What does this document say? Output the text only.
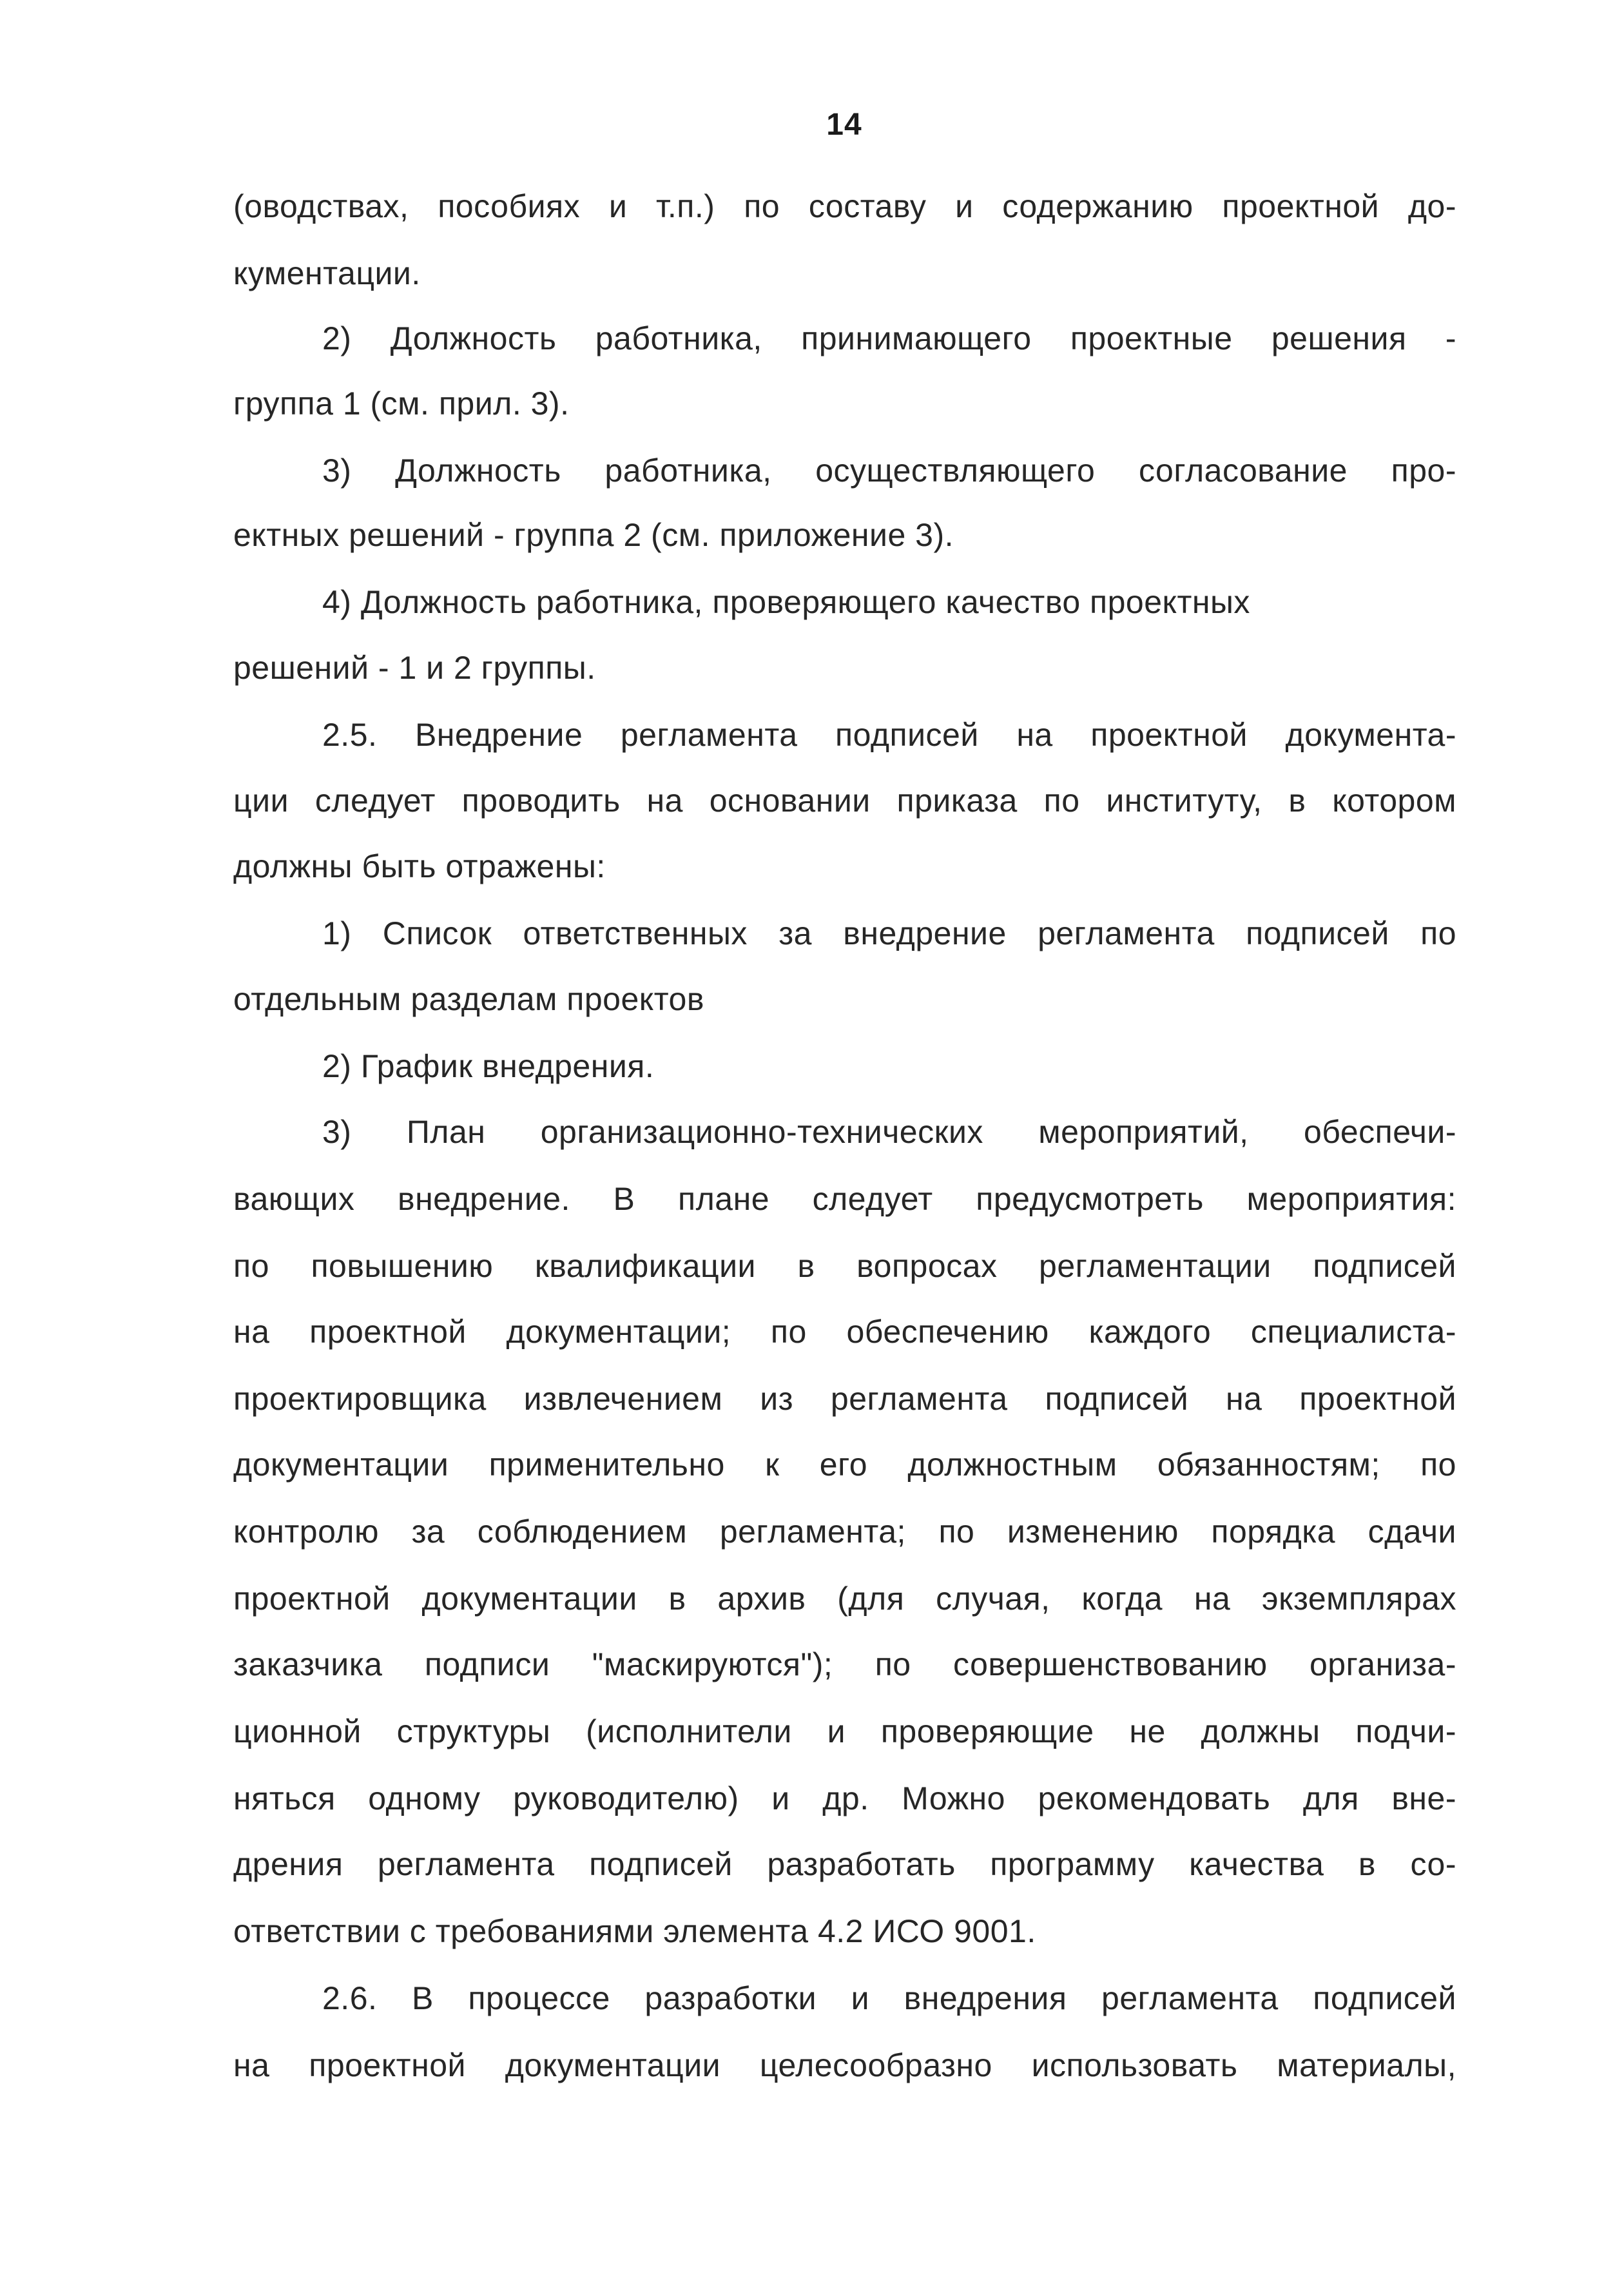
14
(оводствах, пособиях и т.п.) по составу и содержанию проектной до-
кументации.
2) Должность работника, принимающего проектные решения -
группа 1 (см. прил. 3).
3) Должность работника, осуществляющего согласование про-
ектных решений - группа 2 (см. приложение 3).
4) Должность работника, проверяющего качество проектных
решений - 1 и 2 группы.
2.5. Внедрение регламента подписей на проектной документа-
ции следует проводить на основании приказа по институту, в котором
должны быть отражены:
1) Список ответственных за внедрение регламента подписей по
отдельным разделам проектов
2) График внедрения.
3) План организационно-технических мероприятий, обеспечи-
вающих внедрение. В плане следует предусмотреть мероприятия:
по повышению квалификации в вопросах регламентации подписей
на проектной документации; по обеспечению каждого специалиста-
проектировщика извлечением из регламента подписей на проектной
документации применительно к его должностным обязанностям; по
контролю за соблюдением регламента; по изменению порядка сдачи
проектной документации в архив (для случая, когда на экземплярах
заказчика подписи "маскируются"); по совершенствованию организа-
ционной структуры (исполнители и проверяющие не должны подчи-
няться одному руководителю) и др. Можно рекомендовать для вне-
дрения регламента подписей разработать программу качества в со-
ответствии с требованиями элемента 4.2 ИСО 9001.
2.6. В процессе разработки и внедрения регламента подписей
на проектной документации целесообразно использовать материалы,
